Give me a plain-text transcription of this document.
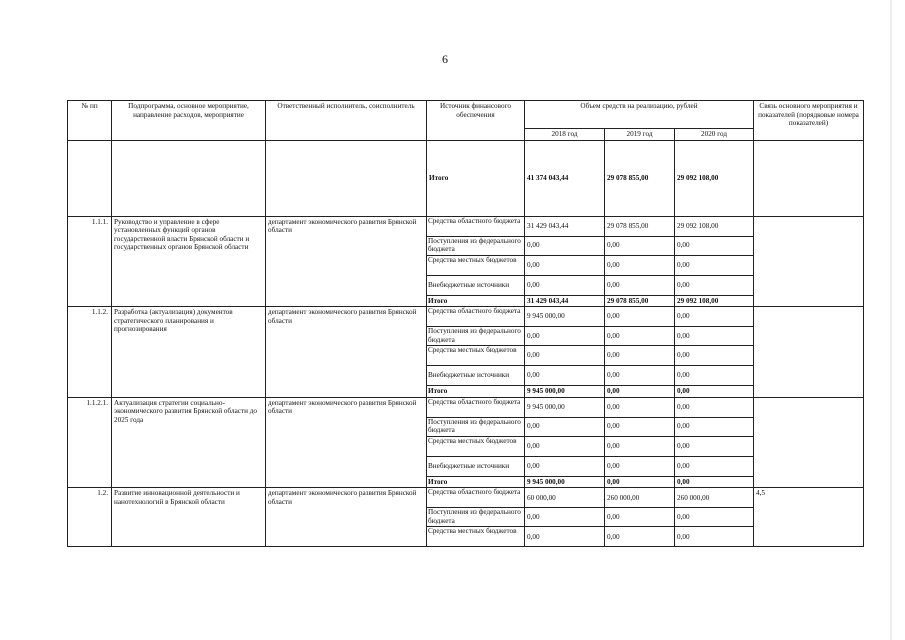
6
№ пп	Подпрограмма, основное мероприятие, направление расходов, мероприятие	Ответственный исполнитель, соисполнитель	Источник финансового обеспечения	Объем средств на реализацию, рублей			Связь основного мероприятия и показателей (порядковые номера показателей)
				2018 год	2019 год	2020 год	
			Итого	41 374 043,44	29 078 855,00	29 092 108,00	
1.1.1.	Руководство и управление в сфере установленных функций органов государственной власти Брянской области и государственных органов Брянской области	департамент экономического развития Брянской области	Средства областного бюджета	31 429 043,44	29 078 855,00	29 092 108,00	
			Поступления из федерального бюджета	0,00	0,00	0,00	
			Средства местных бюджетов	0,00	0,00	0,00	
			Внебюджетные источники	0,00	0,00	0,00	
			Итого	31 429 043,44	29 078 855,00	29 092 108,00	
1.1.2.	Разработка (актуализация) документов стратегического планирования и прогнозирования	департамент экономического развития Брянской области	Средства областного бюджета	9 945 000,00	0,00	0,00	
			Поступления из федерального бюджета	0,00	0,00	0,00	
			Средства местных бюджетов	0,00	0,00	0,00	
			Внебюджетные источники	0,00	0,00	0,00	
			Итого	9 945 000,00	0,00	0,00	
1.1.2.1.	Актуализация стратегии социально-экономического развития Брянской области до 2025 года	департамент экономического развития Брянской области	Средства областного бюджета	9 945 000,00	0,00	0,00	
			Поступления из федерального бюджета	0,00	0,00	0,00	
			Средства местных бюджетов	0,00	0,00	0,00	
			Внебюджетные источники	0,00	0,00	0,00	
			Итого	9 945 000,00	0,00	0,00	
1.2.	Развитие инновационной деятельности и нанотехнологий в Брянской области	департамент экономического развития Брянской области	Средства областного бюджета	60 000,00	260 000,00	260 000,00	4,5
			Поступления из федерального бюджета	0,00	0,00	0,00	
			Средства местных бюджетов	0,00	0,00	0,00	
